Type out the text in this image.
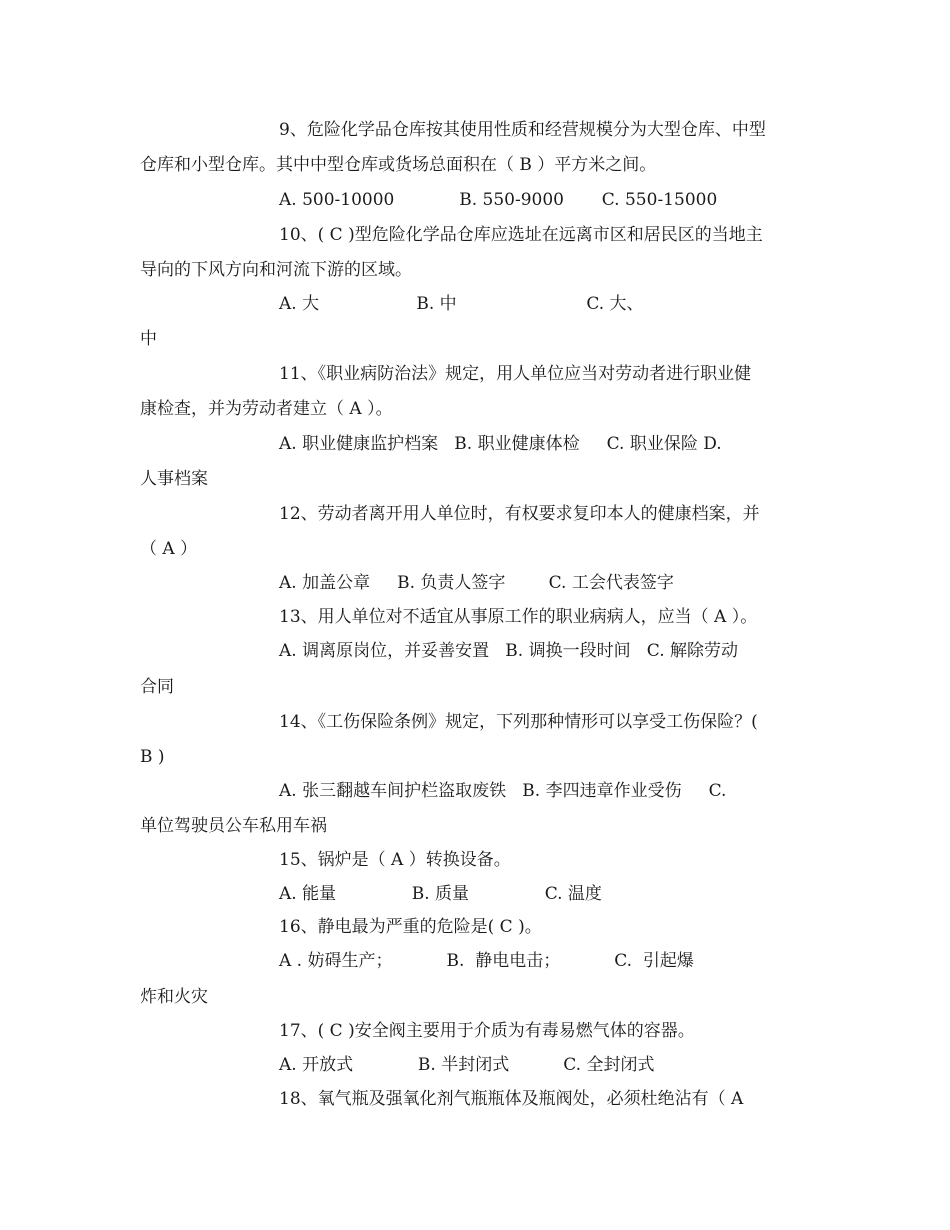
9、危险化学品仓库按其使用性质和经营规模分为大型仓库、中型

仓库和小型仓库。其中中型仓库或货场总面积在（ B ）平方米之间。

A. 500-10000            B. 550-9000       C. 550-15000

10、( C )型危险化学品仓库应选址在远离市区和居民区的当地主

导向的下风方向和河流下游的区域。

A. 大                  B. 中                        C. 大、

中

11、《职业病防治法》规定，用人单位应当对劳动者进行职业健

康检查，并为劳动者建立（ A ）。

A. 职业健康监护档案   B. 职业健康体检     C. 职业保险 D.

人事档案

12、劳动者离开用人单位时，有权要求复印本人的健康档案，并

（ A ）

A. 加盖公章     B. 负责人签字        C. 工会代表签字

13、用人单位对不适宜从事原工作的职业病病人，应当（ A ）。

A. 调离原岗位，并妥善安置   B. 调换一段时间   C. 解除劳动

合同

14、《工伤保险条例》规定，下列那种情形可以享受工伤保险？(

B )

A. 张三翻越车间护栏盗取废铁   B. 李四违章作业受伤     C.

单位驾驶员公车私用车祸

15、锅炉是（ A ）转换设备。

A. 能量              B. 质量              C. 温度

16、静电最为严重的危险是( C )。

A . 妨碍生产；          B.  静电电击；          C.  引起爆

炸和火灾

17、( C )安全阀主要用于介质为有毒易燃气体的容器。

A. 开放式            B. 半封闭式          C. 全封闭式

18、氧气瓶及强氧化剂气瓶瓶体及瓶阀处，必须杜绝沾有（ A
